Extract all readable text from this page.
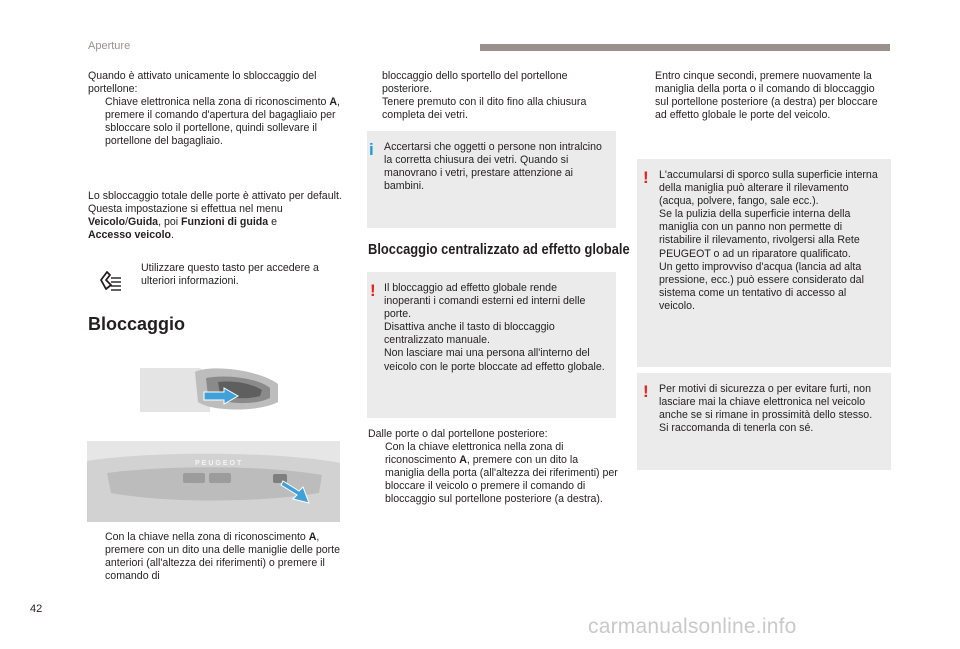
Aperture

Quando è attivato unicamente lo sbloccaggio del portellone:

Chiave elettronica nella zona di riconoscimento A, premere il comando d'apertura del bagagliaio per sbloccare solo il portellone, quindi sollevare il portellone del bagagliaio.

Lo sbloccaggio totale delle porte è attivato per default.

Questa impostazione si effettua nel menu

Veicolo/Guida, poi Funzioni di guida e

Accesso veicolo.

Utilizzare questo tasto per accedere a ulteriori informazioni.
Bloccaggio
PEUGEOT
Con la chiave nella zona di riconoscimento A, premere con un dito una delle maniglie delle porte anteriori (all'altezza dei riferimenti) o premere il comando di

bloccaggio dello sportello del portellone posteriore.

Tenere premuto con il dito fino alla chiusura completa dei vetri.

i Accertarsi che oggetti o persone non intralcino la corretta chiusura dei vetri. Quando si manovrano i vetri, prestare attenzione ai bambini.
Bloccaggio centralizzato ad effetto globale
! Il bloccaggio ad effetto globale rende inoperanti i comandi esterni ed interni delle porte.
Disattiva anche il tasto di bloccaggio centralizzato manuale.
Non lasciare mai una persona all'interno del veicolo con le porte bloccate ad effetto globale.

Dalle porte o dal portellone posteriore:

Con la chiave elettronica nella zona di riconoscimento A, premere con un dito la maniglia della porta (all'altezza dei riferimenti) per bloccare il veicolo o premere il comando di bloccaggio sul portellone posteriore (a destra).
Entro cinque secondi, premere nuovamente la maniglia della porta o il comando di bloccaggio sul portellone posteriore (a destra) per bloccare ad effetto globale le porte del veicolo.
! L'accumularsi di sporco sulla superficie interna della maniglia può alterare il rilevamento (acqua, polvere, fango, sale ecc.).
Se la pulizia della superficie interna della maniglia con un panno non permette di ristabilire il rilevamento, rivolgersi alla Rete PEUGEOT o ad un riparatore qualificato.
Un getto improvviso d'acqua (lancia ad alta pressione, ecc.) può essere considerato dal sistema come un tentativo di accesso al veicolo.
! Per motivi di sicurezza o per evitare furti, non lasciare mai la chiave elettronica nel veicolo anche se si rimane in prossimità dello stesso.
Si raccomanda di tenerla con sé.
42
carmanualsonline.info
